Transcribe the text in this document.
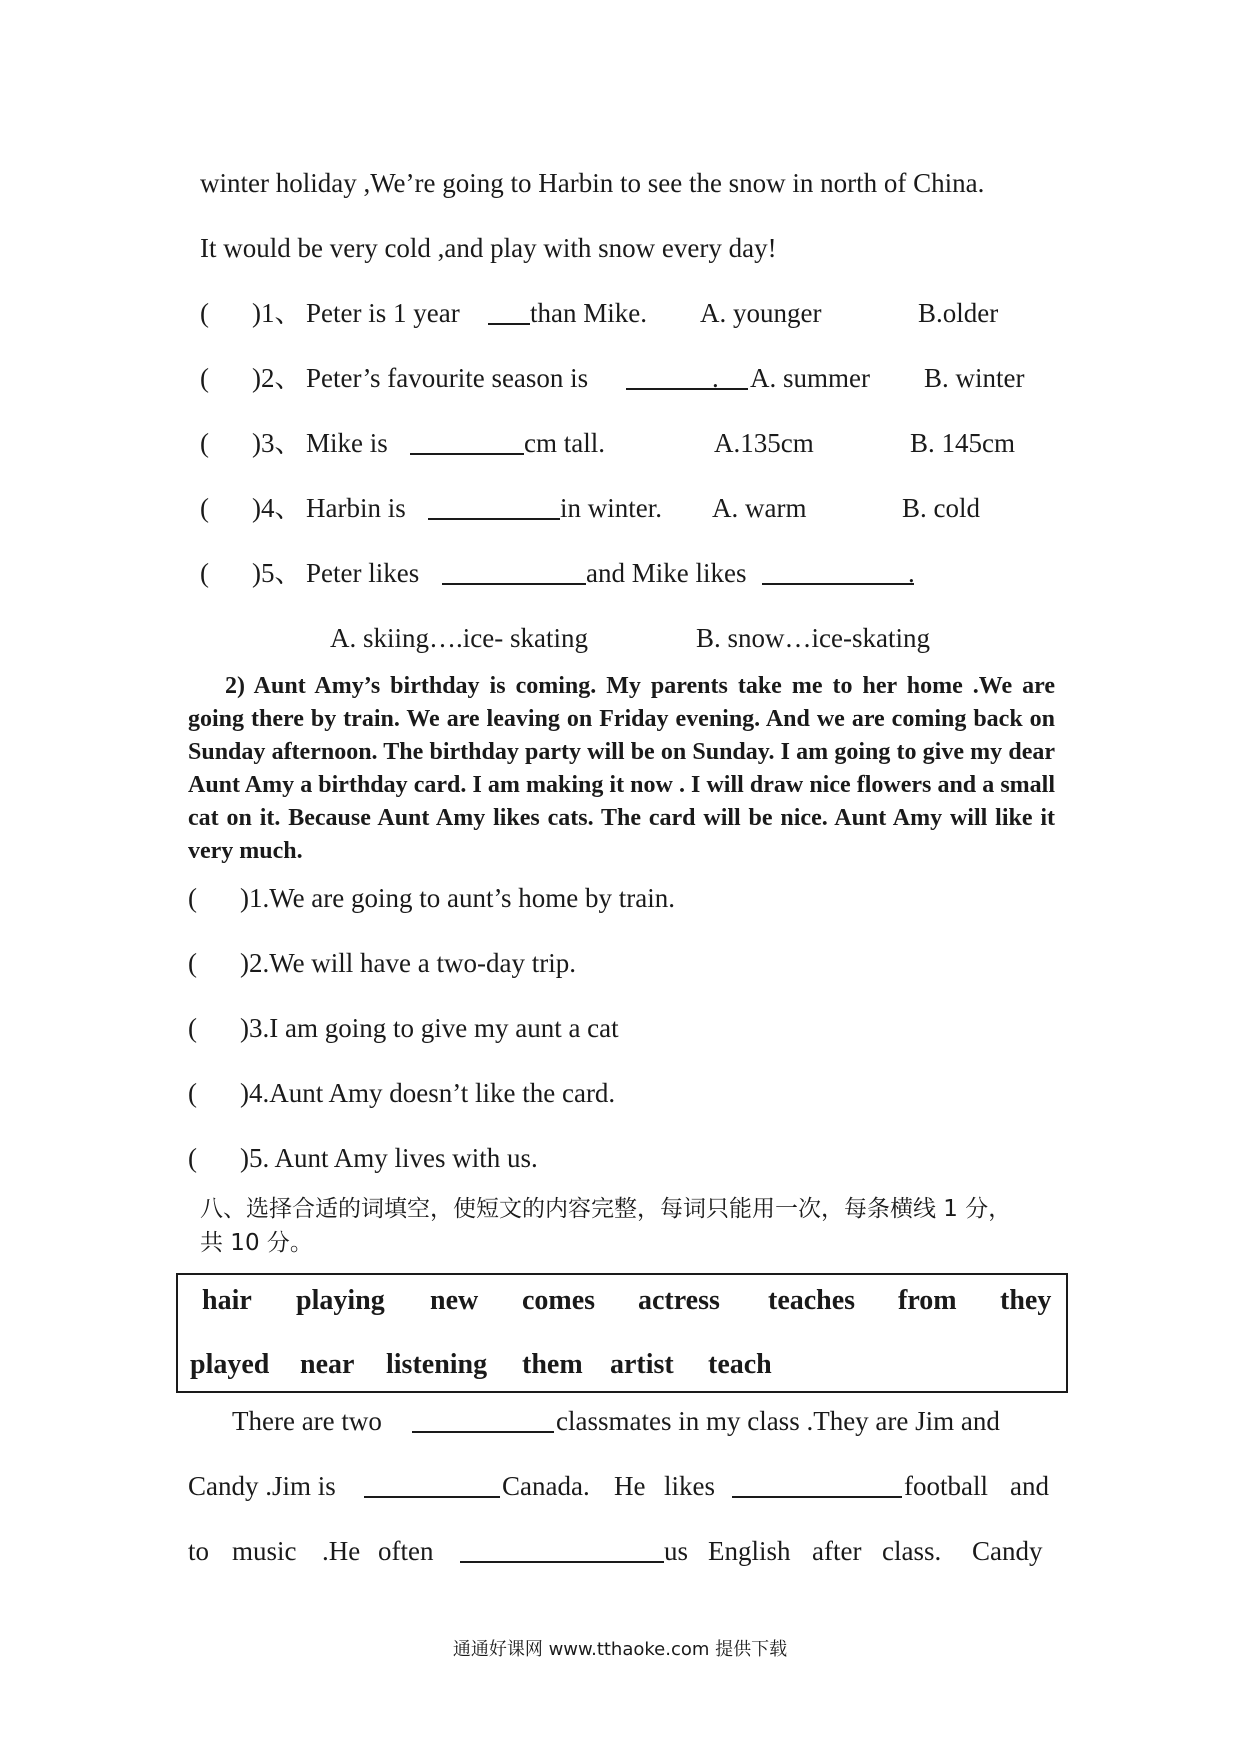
winter holiday ,We’re going to Harbin to see the snow in north of China.
It would be very cold ,and play with snow every day!
( )1、 Peter is 1 year	than Mike. A. younger	B.older
( )2、 Peter’s favourite season is	. A. summer B. winter
( )3、 Mike is	cm tall.	A.135cm	B. 145cm
( )4、 Harbin is	in winter. A. warm	B. cold
( )5、 Peter likes	and Mike likes	.
A. skiing….ice- skating	B. snow…ice-skating
2) Aunt Amy’s birthday is coming. My parents take me to her home .We are going there by train. We are leaving on Friday evening. And we are coming back on Sunday afternoon. The birthday party will be on Sunday. I am going to give my dear Aunt Amy a birthday card. I am making it now . I will draw nice flowers and a small cat on it. Because Aunt Amy likes cats. The card will be nice. Aunt Amy will like it very much.
( )1.We are going to aunt’s home by train.
( )2.We will have a two-day trip.
( )3.I am going to give my aunt a cat
( )4.Aunt Amy doesn’t like the card.
( )5. Aunt Amy lives with us.
八、选择合适的词填空，使短文的内容完整，每词只能用一次，每条横线 1 分，
共 10 分。
hair playing new comes actress teaches from they
played near listening them artist teach
There are two	classmates in my class .They are Jim and
Candy .Jim is	Canada. He likes	football and
to music .He often	us English after class. Candy
通通好课网 www.tthaoke.com 提供下载
